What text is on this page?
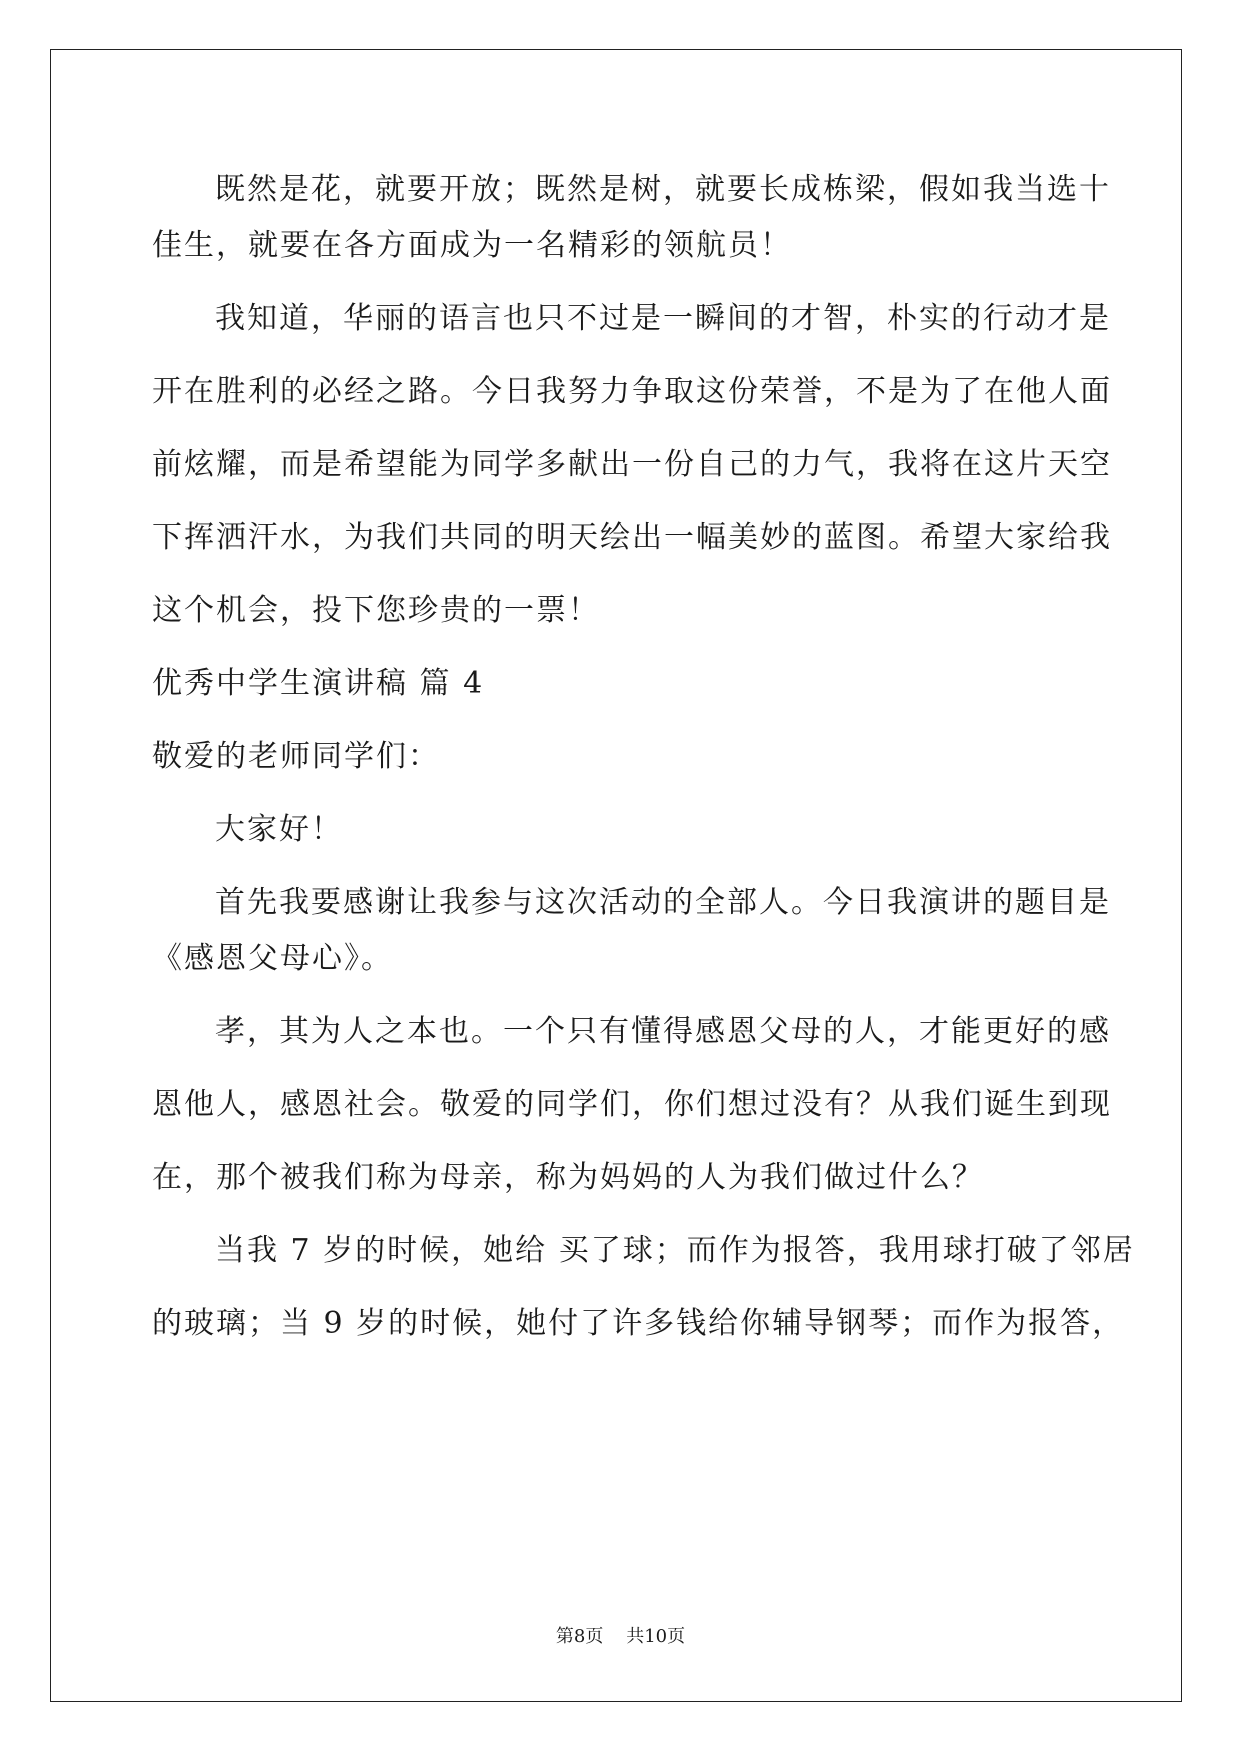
既然是花，就要开放；既然是树，就要长成栋梁，假如我当选十
佳生，就要在各方面成为一名精彩的领航员！
我知道，华丽的语言也只不过是一瞬间的才智，朴实的行动才是
开在胜利的必经之路。今日我努力争取这份荣誉，不是为了在他人面
前炫耀，而是希望能为同学多献出一份自己的力气，我将在这片天空
下挥洒汗水，为我们共同的明天绘出一幅美妙的蓝图。希望大家给我
这个机会，投下您珍贵的一票！
优秀中学生演讲稿 篇 4
敬爱的老师同学们：
大家好！
首先我要感谢让我参与这次活动的全部人。今日我演讲的题目是
《感恩父母心》。
孝，其为人之本也。一个只有懂得感恩父母的人，才能更好的感
恩他人，感恩社会。敬爱的同学们，你们想过没有？从我们诞生到现
在，那个被我们称为母亲，称为妈妈的人为我们做过什么？
当我 7 岁的时候，她给 买了球；而作为报答，我用球打破了邻居
的玻璃；当 9 岁的时候，她付了许多钱给你辅导钢琴；而作为报答，
第8页    共10页
